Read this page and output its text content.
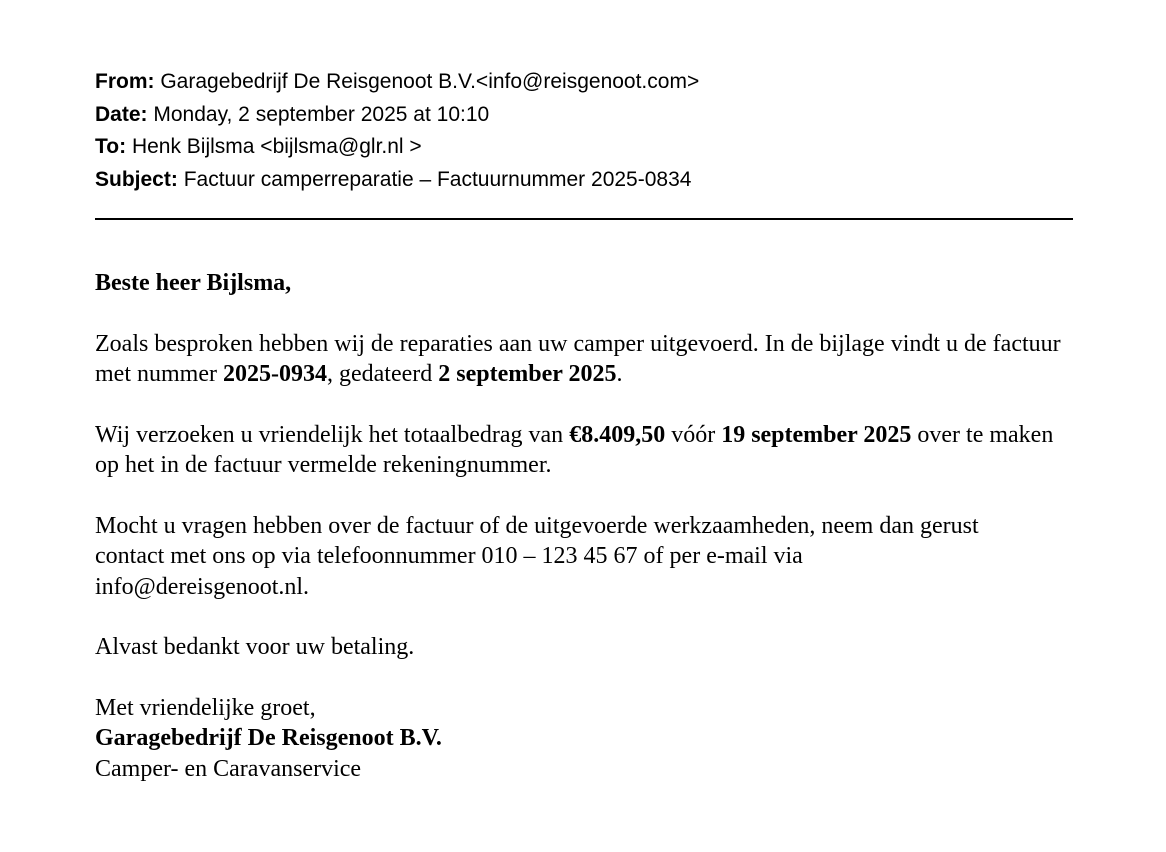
From: Garagebedrijf De Reisgenoot B.V.<info@reisgenoot.com>
Date: Monday, 2 september 2025 at 10:10
To: Henk Bijlsma <bijlsma@glr.nl >
Subject: Factuur camperreparatie – Factuurnummer 2025-0834

Beste heer Bijlsma,

Zoals besproken hebben wij de reparaties aan uw camper uitgevoerd. In de bijlage vindt u de factuur met nummer 2025-0934, gedateerd 2 september 2025.

Wij verzoeken u vriendelijk het totaalbedrag van €8.409,50 vóór 19 september 2025 over te maken op het in de factuur vermelde rekeningnummer.

Mocht u vragen hebben over de factuur of de uitgevoerde werkzaamheden, neem dan gerust
contact met ons op via telefoonnummer 010 – 123 45 67 of per e-mail via
info@dereisgenoot.nl.

Alvast bedankt voor uw betaling.

Met vriendelijke groet,
Garagebedrijf De Reisgenoot B.V.
Camper- en Caravanservice
